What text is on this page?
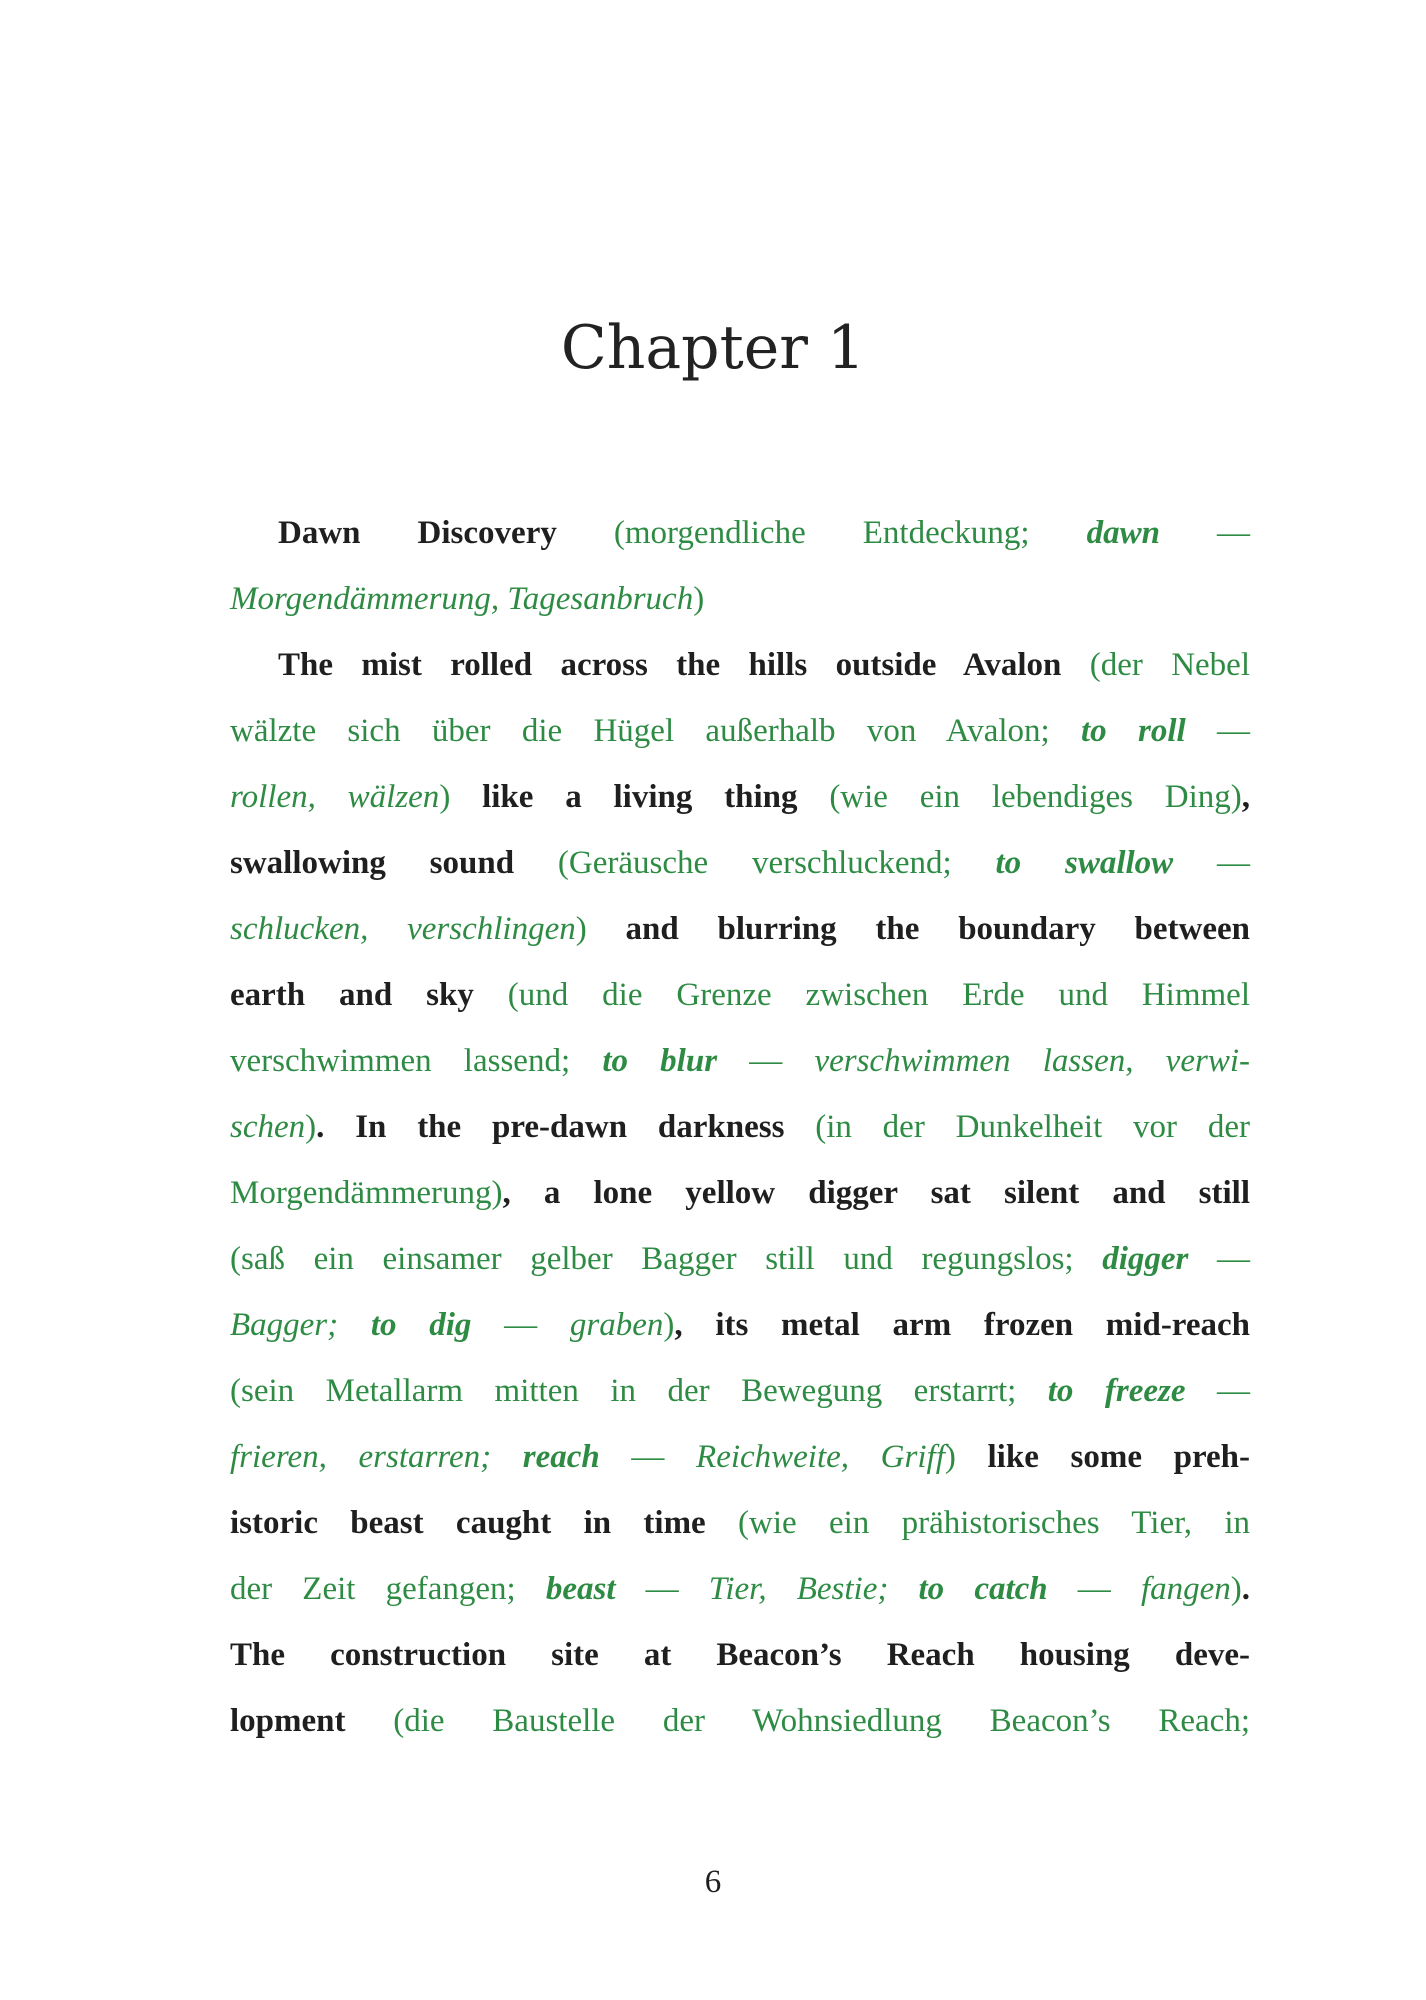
Chapter 1
Dawn Discovery (morgendliche Entdeckung; dawn —
Morgendämmerung, Tagesanbruch)
The mist rolled across the hills outside Avalon (der Nebel
wälzte sich über die Hügel außerhalb von Avalon; to roll —
rollen, wälzen) like a living thing (wie ein lebendiges Ding),
swallowing sound (Geräusche verschluckend; to swallow —
schlucken, verschlingen) and blurring the boundary between
earth and sky (und die Grenze zwischen Erde und Himmel
verschwimmen lassend; to blur — verschwimmen lassen, verwi-
schen). In the pre-dawn darkness (in der Dunkelheit vor der
Morgendämmerung), a lone yellow digger sat silent and still
(saß ein einsamer gelber Bagger still und regungslos; digger —
Bagger; to dig — graben), its metal arm frozen mid-reach
(sein Metallarm mitten in der Bewegung erstarrt; to freeze —
frieren, erstarren; reach — Reichweite, Griff) like some preh-
istoric beast caught in time (wie ein prähistorisches Tier, in
der Zeit gefangen; beast — Tier, Bestie; to catch — fangen).
The construction site at Beacon’s Reach housing deve-
lopment (die Baustelle der Wohnsiedlung Beacon’s Reach;
6
